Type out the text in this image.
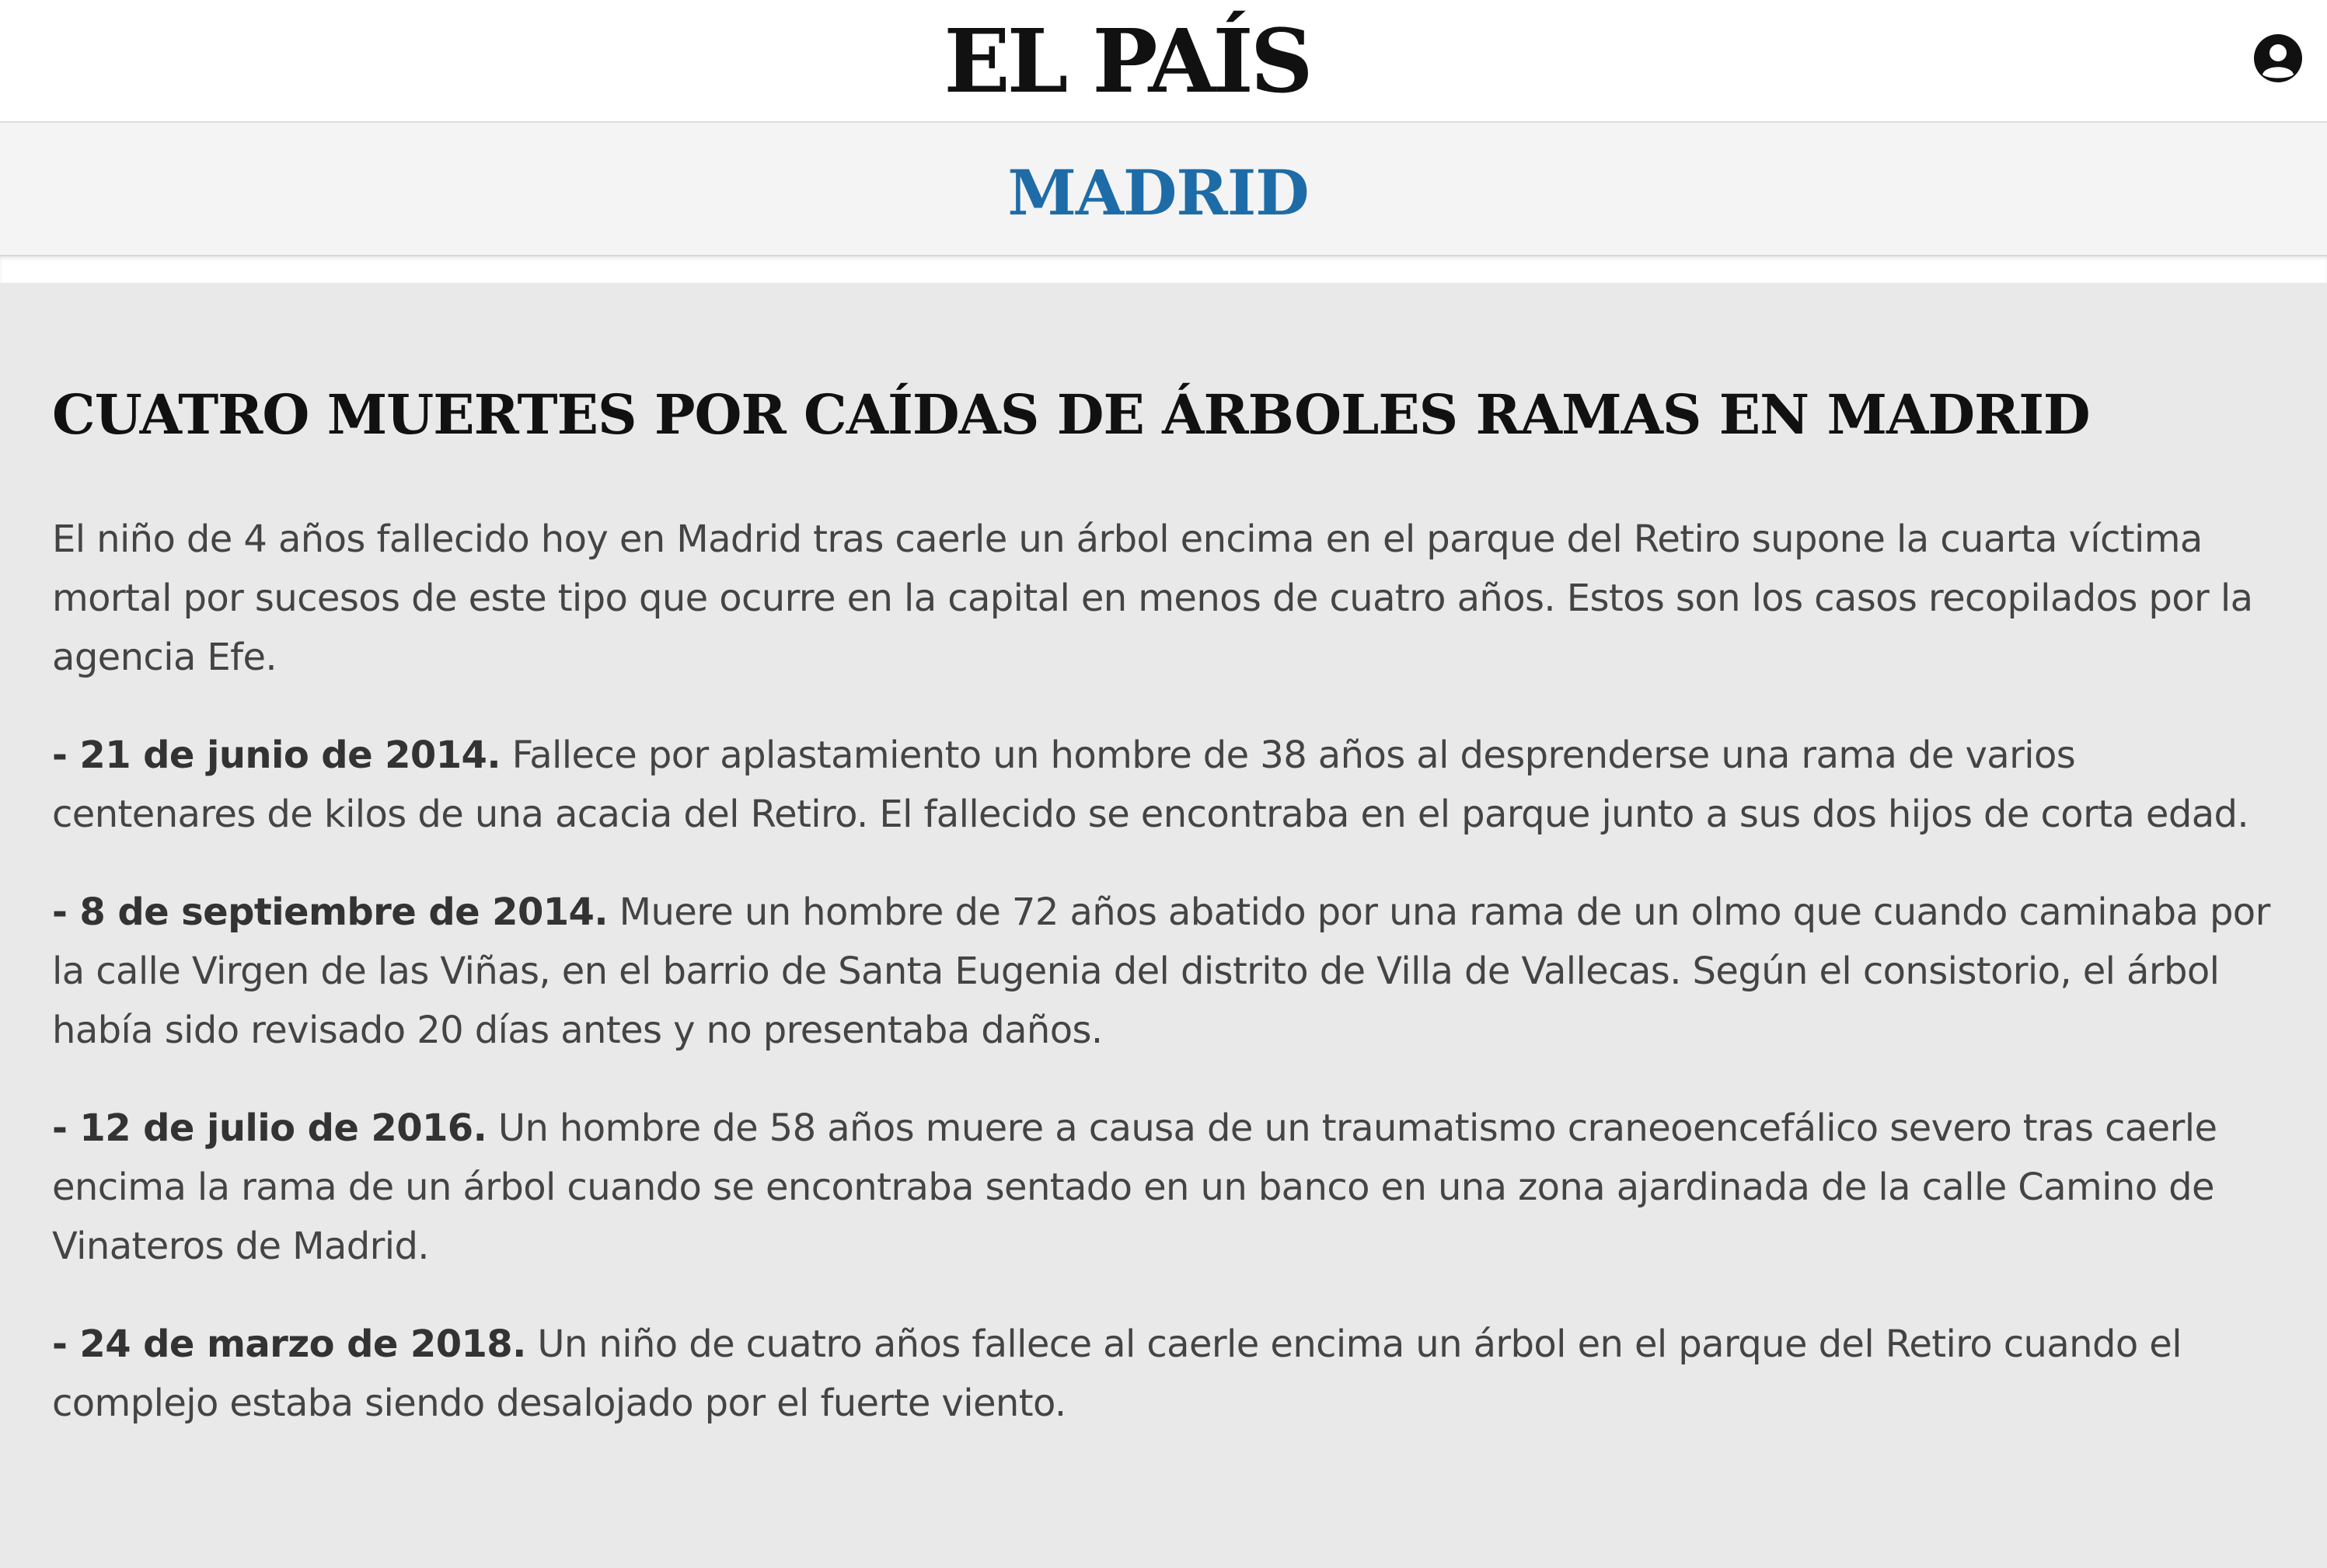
EL PAÍS
MADRID
CUATRO MUERTES POR CAÍDAS DE ÁRBOLES RAMAS EN MADRID

El niño de 4 años fallecido hoy en Madrid tras caerle un árbol encima en el parque del Retiro supone la cuarta víctima mortal por sucesos de este tipo que ocurre en la capital en menos de cuatro años. Estos son los casos recopilados por la agencia Efe.

- 21 de junio de 2014. Fallece por aplastamiento un hombre de 38 años al desprenderse una rama de varios centenares de kilos de una acacia del Retiro. El fallecido se encontraba en el parque junto a sus dos hijos de corta edad.

- 8 de septiembre de 2014. Muere un hombre de 72 años abatido por una rama de un olmo que cuando caminaba por la calle Virgen de las Viñas, en el barrio de Santa Eugenia del distrito de Villa de Vallecas. Según el consistorio, el árbol había sido revisado 20 días antes y no presentaba daños.

- 12 de julio de 2016. Un hombre de 58 años muere a causa de un traumatismo craneoencefálico severo tras caerle encima la rama de un árbol cuando se encontraba sentado en un banco en una zona ajardinada de la calle Camino de Vinateros de Madrid.

- 24 de marzo de 2018. Un niño de cuatro años fallece al caerle encima un árbol en el parque del Retiro cuando el complejo estaba siendo desalojado por el fuerte viento.
